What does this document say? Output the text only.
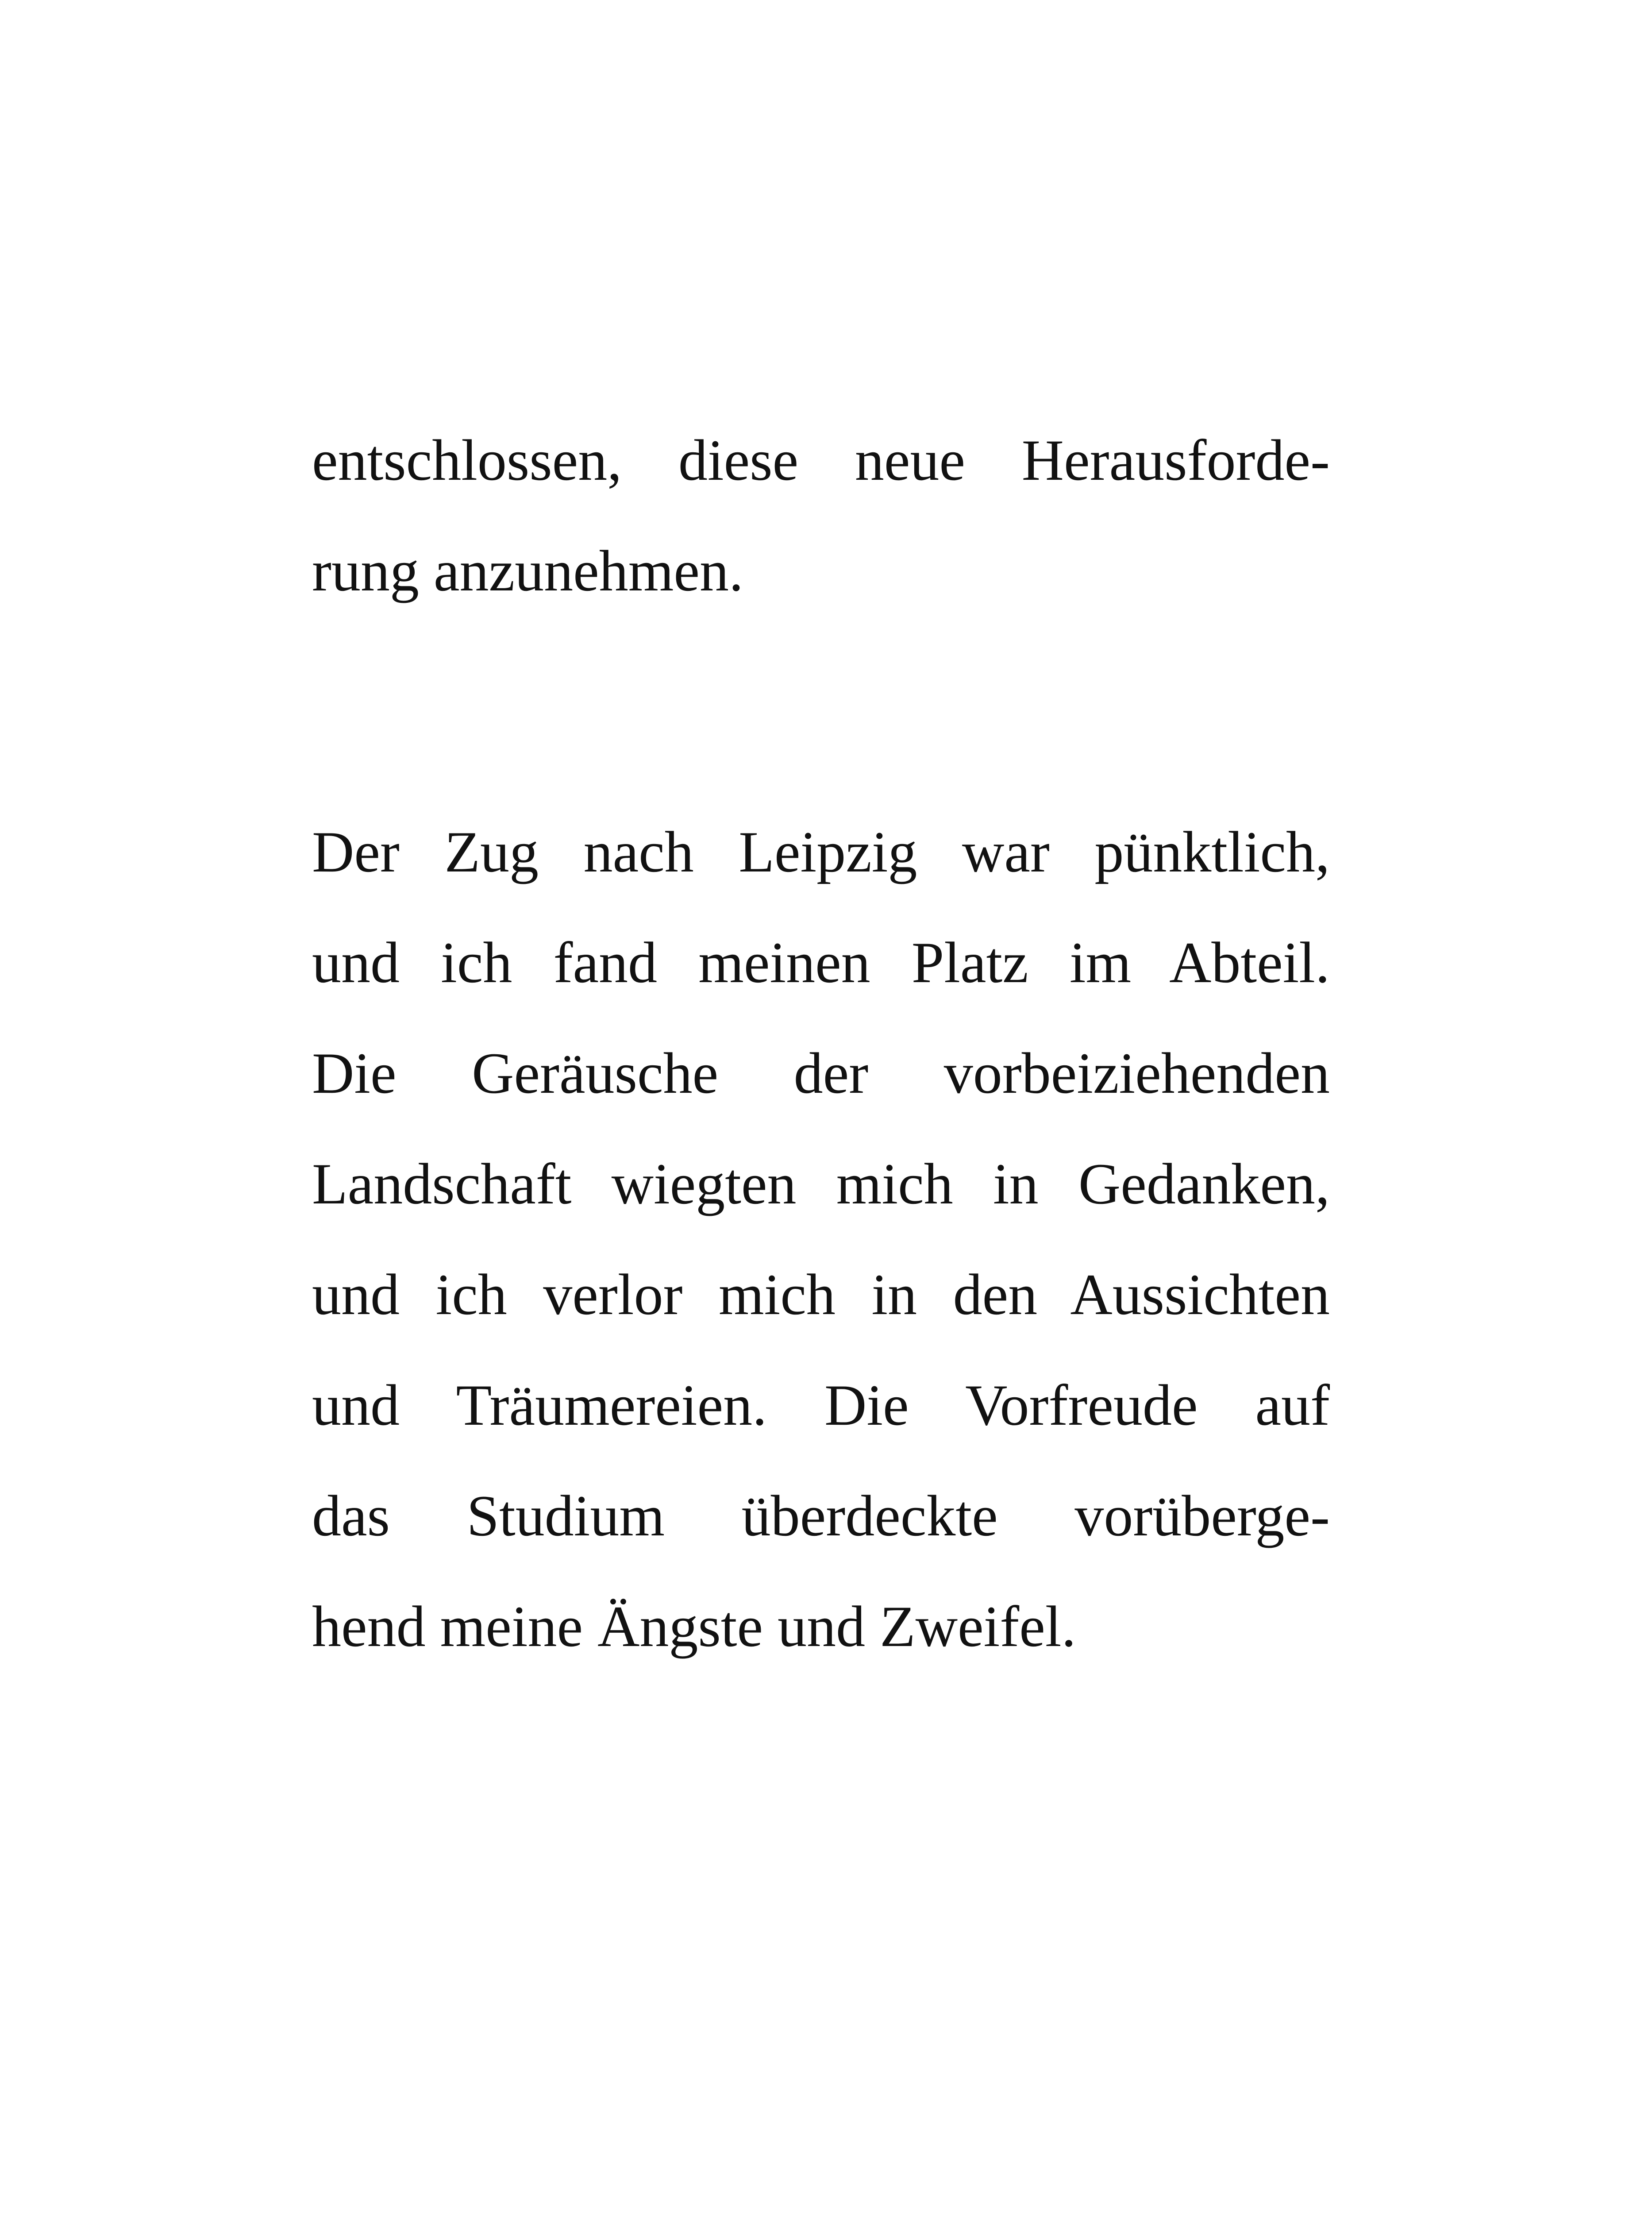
entschlossen, diese neue Herausforde-
rung anzunehmen.
Der Zug nach Leipzig war pünktlich,
und ich fand meinen Platz im Abteil.
Die Geräusche der vorbeiziehenden
Landschaft wiegten mich in Gedanken,
und ich verlor mich in den Aussichten
und Träumereien. Die Vorfreude auf
das Studium überdeckte vorüberge-
hend meine Ängste und Zweifel.
